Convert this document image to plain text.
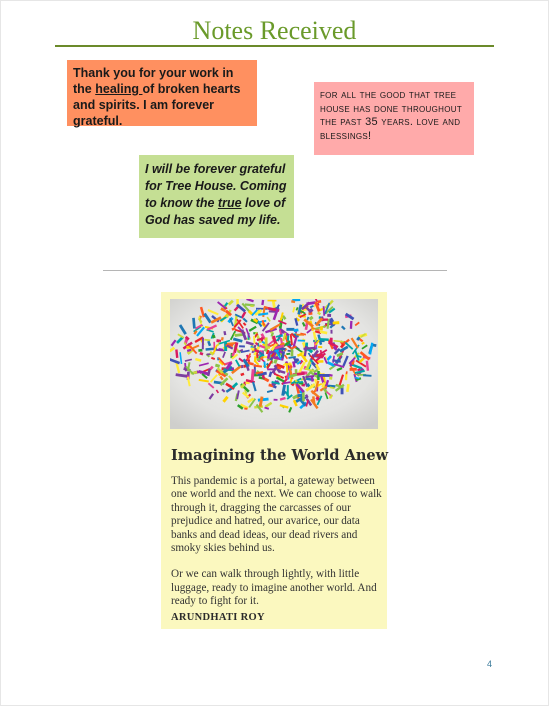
Notes Received
Thank you for your work in the healing of broken hearts and spirits. I am forever grateful.
for all the good that tree house has done throughout the past 35 years. love and blessings!
I will be forever grateful for Tree House. Coming to know the true love of God has saved my life.
Imagining the World Anew

This pandemic is a portal, a gateway between one world and the next. We can choose to walk through it, dragging the carcasses of our prejudice and hatred, our avarice, our data banks and dead ideas, our dead rivers and smoky skies behind us.

Or we can walk through lightly, with little luggage, ready to imagine another world. And ready to fight for it.

ARUNDHATI ROY
4
